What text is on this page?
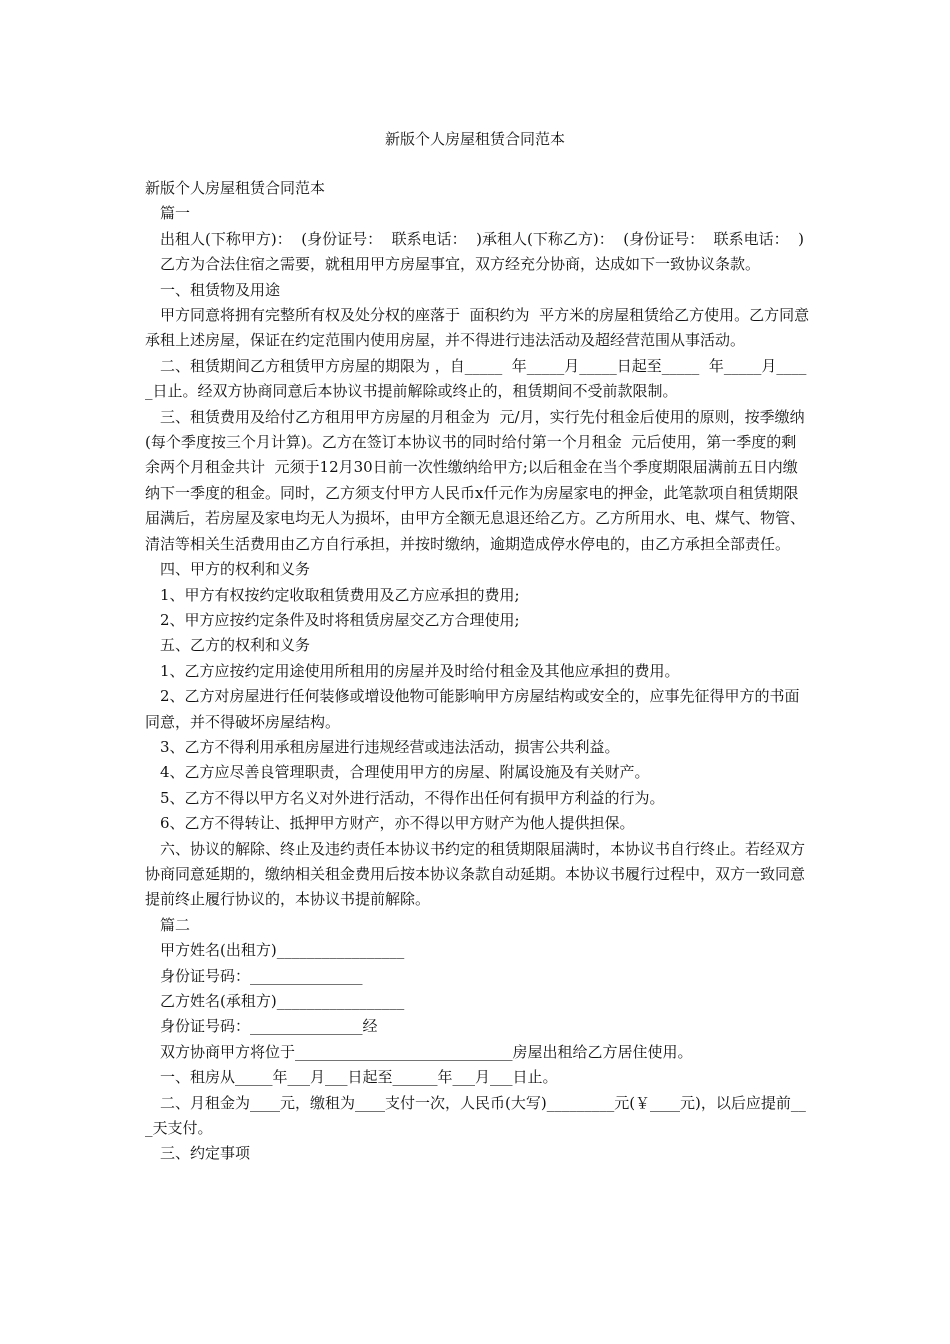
新版个人房屋租赁合同范本

新版个人房屋租赁合同范本

篇一

出租人(下称甲方)：  (身份证号：  联系电话：  )承租人(下称乙方)：  (身份证号：  联系电话：  )

乙方为合法住宿之需要，就租用甲方房屋事宜，双方经充分协商，达成如下一致协议条款。

一、租赁物及用途

甲方同意将拥有完整所有权及处分权的座落于  面积约为  平方米的房屋租赁给乙方使用。乙方同意承租上述房屋，保证在约定范围内使用房屋，并不得进行违法活动及超经营范围从事活动。

二、租赁期间乙方租赁甲方房屋的期限为 ，自_____  年_____月_____日起至_____  年_____月_____日止。经双方协商同意后本协议书提前解除或终止的，租赁期间不受前款限制。

三、租赁费用及给付乙方租用甲方房屋的月租金为  元/月，实行先付租金后使用的原则，按季缴纳(每个季度按三个月计算)。乙方在签订本协议书的同时给付第一个月租金  元后使用，第一季度的剩余两个月租金共计  元须于12月30日前一次性缴纳给甲方;以后租金在当个季度期限届满前五日内缴纳下一季度的租金。同时，乙方须支付甲方人民币x仟元作为房屋家电的押金，此笔款项自租赁期限届满后，若房屋及家电均无人为损坏，由甲方全额无息退还给乙方。乙方所用水、电、煤气、物管、清洁等相关生活费用由乙方自行承担，并按时缴纳，逾期造成停水停电的，由乙方承担全部责任。

四、甲方的权利和义务

1、甲方有权按约定收取租赁费用及乙方应承担的费用;

2、甲方应按约定条件及时将租赁房屋交乙方合理使用;

五、乙方的权利和义务

1、乙方应按约定用途使用所租用的房屋并及时给付租金及其他应承担的费用。

2、乙方对房屋进行任何装修或增设他物可能影响甲方房屋结构或安全的，应事先征得甲方的书面同意，并不得破坏房屋结构。

3、乙方不得利用承租房屋进行违规经营或违法活动，损害公共利益。

4、乙方应尽善良管理职责，合理使用甲方的房屋、附属设施及有关财产。

5、乙方不得以甲方名义对外进行活动，不得作出任何有损甲方利益的行为。

6、乙方不得转让、抵押甲方财产，亦不得以甲方财产为他人提供担保。

六、协议的解除、终止及违约责任本协议书约定的租赁期限届满时，本协议书自行终止。若经双方协商同意延期的，缴纳相关租金费用后按本协议条款自动延期。本协议书履行过程中，双方一致同意提前终止履行协议的，本协议书提前解除。

篇二

甲方姓名(出租方)_________________

身份证号码：_______________

乙方姓名(承租方)_________________

身份证号码：_______________经

双方协商甲方将位于_____________________________房屋出租给乙方居住使用。

一、租房从_____年___月___日起至______年___月___日止。

二、月租金为____元，缴租为____支付一次，人民币(大写)_________元(￥____元)，以后应提前___天支付。

三、约定事项
